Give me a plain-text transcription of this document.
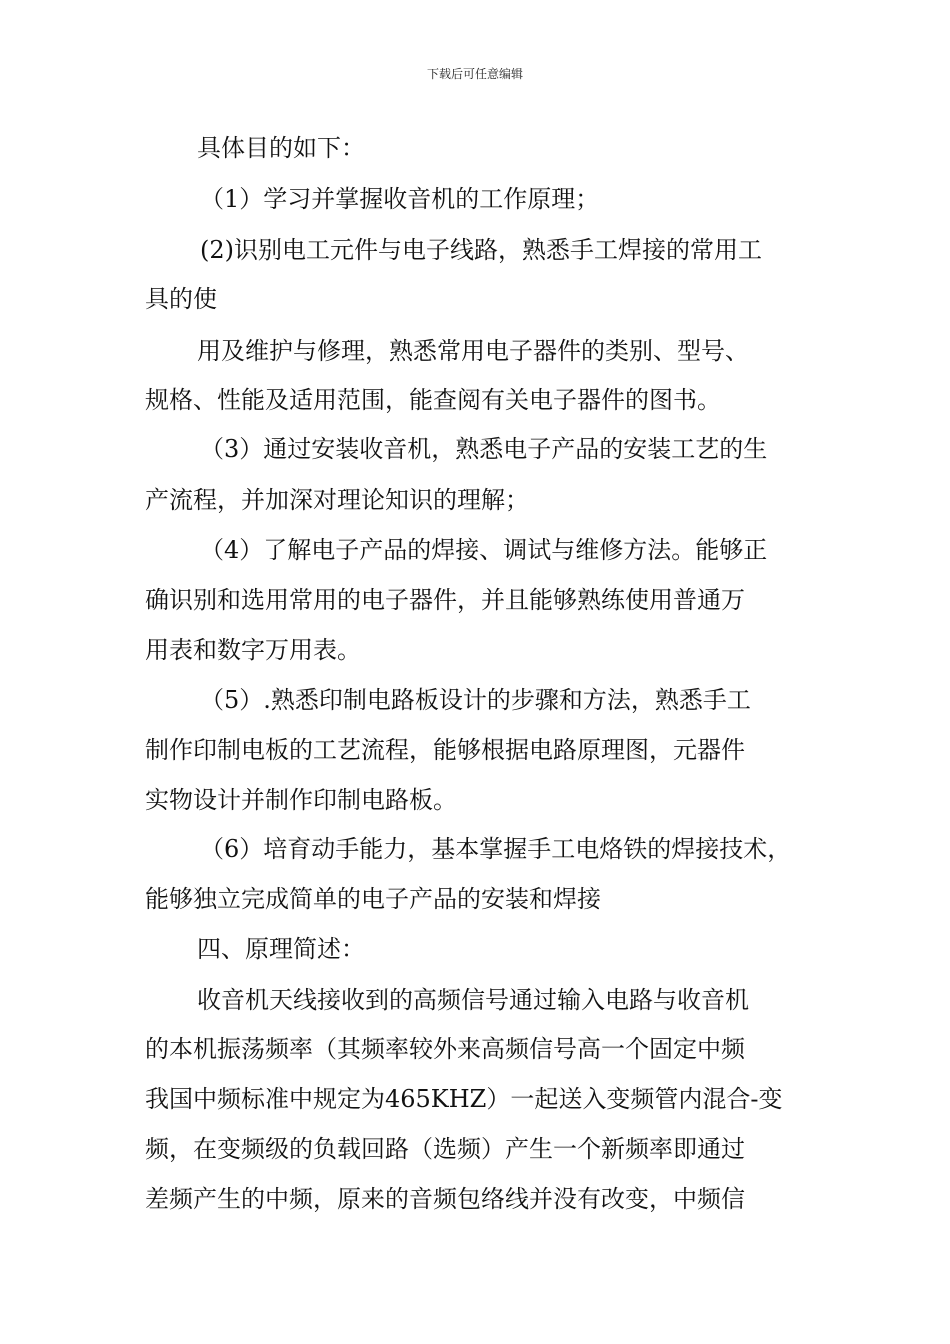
下载后可任意编辑
具体目的如下：
（1）学习并掌握收音机的工作原理；
(2)识别电工元件与电子线路，熟悉手工焊接的常用工
具的使
用及维护与修理，熟悉常用电子器件的类别、型号、
规格、性能及适用范围，能查阅有关电子器件的图书。
（3）通过安装收音机，熟悉电子产品的安装工艺的生
产流程，并加深对理论知识的理解；
（4）了解电子产品的焊接、调试与维修方法。能够正
确识别和选用常用的电子器件，并且能够熟练使用普通万
用表和数字万用表。
（5）.熟悉印制电路板设计的步骤和方法，熟悉手工
制作印制电板的工艺流程，能够根据电路原理图，元器件
实物设计并制作印制电路板。
（6）培育动手能力，基本掌握手工电烙铁的焊接技术，
能够独立完成简单的电子产品的安装和焊接
四、原理简述：
收音机天线接收到的高频信号通过输入电路与收音机
的本机振荡频率（其频率较外来高频信号高一个固定中频
我国中频标准中规定为465KHZ）一起送入变频管内混合-变
频，在变频级的负载回路（选频）产生一个新频率即通过
差频产生的中频，原来的音频包络线并没有改变，中频信
